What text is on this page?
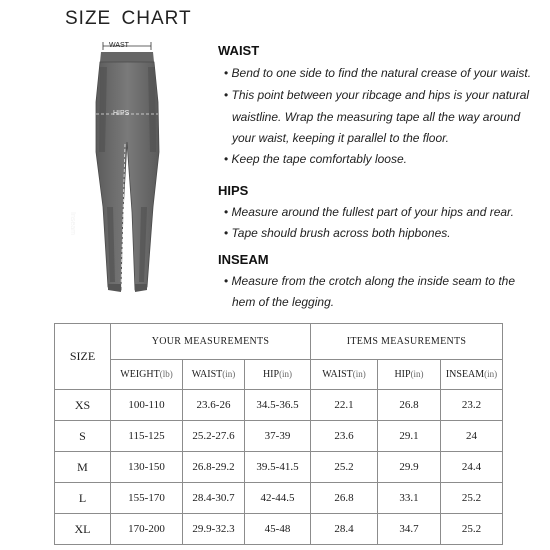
SIZE CHART
WAST
HIPS
Inseam
WAIST
• Bend to one side to find the natural crease of your waist.
• This point between your ribcage and hips is your natural
waistline. Wrap the measuring tape all the way around
your waist, keeping it parallel to the floor.
• Keep the tape comfortably loose.
HIPS
• Measure around the fullest part of your hips and rear.
• Tape should brush across both hipbones.
INSEAM
• Measure from the crotch along the inside seam to the
hem of the legging.
SIZE	YOUR MEASUREMENTS			ITEMS MEASUREMENTS		
	WEIGHT(lb)	WAIST(in)	HIP(in)	WAIST(in)	HIP(in)	INSEAM(in)
XS	100-110	23.6-26	34.5-36.5	22.1	26.8	23.2
S	115-125	25.2-27.6	37-39	23.6	29.1	24
M	130-150	26.8-29.2	39.5-41.5	25.2	29.9	24.4
L	155-170	28.4-30.7	42-44.5	26.8	33.1	25.2
XL	170-200	29.9-32.3	45-48	28.4	34.7	25.2
